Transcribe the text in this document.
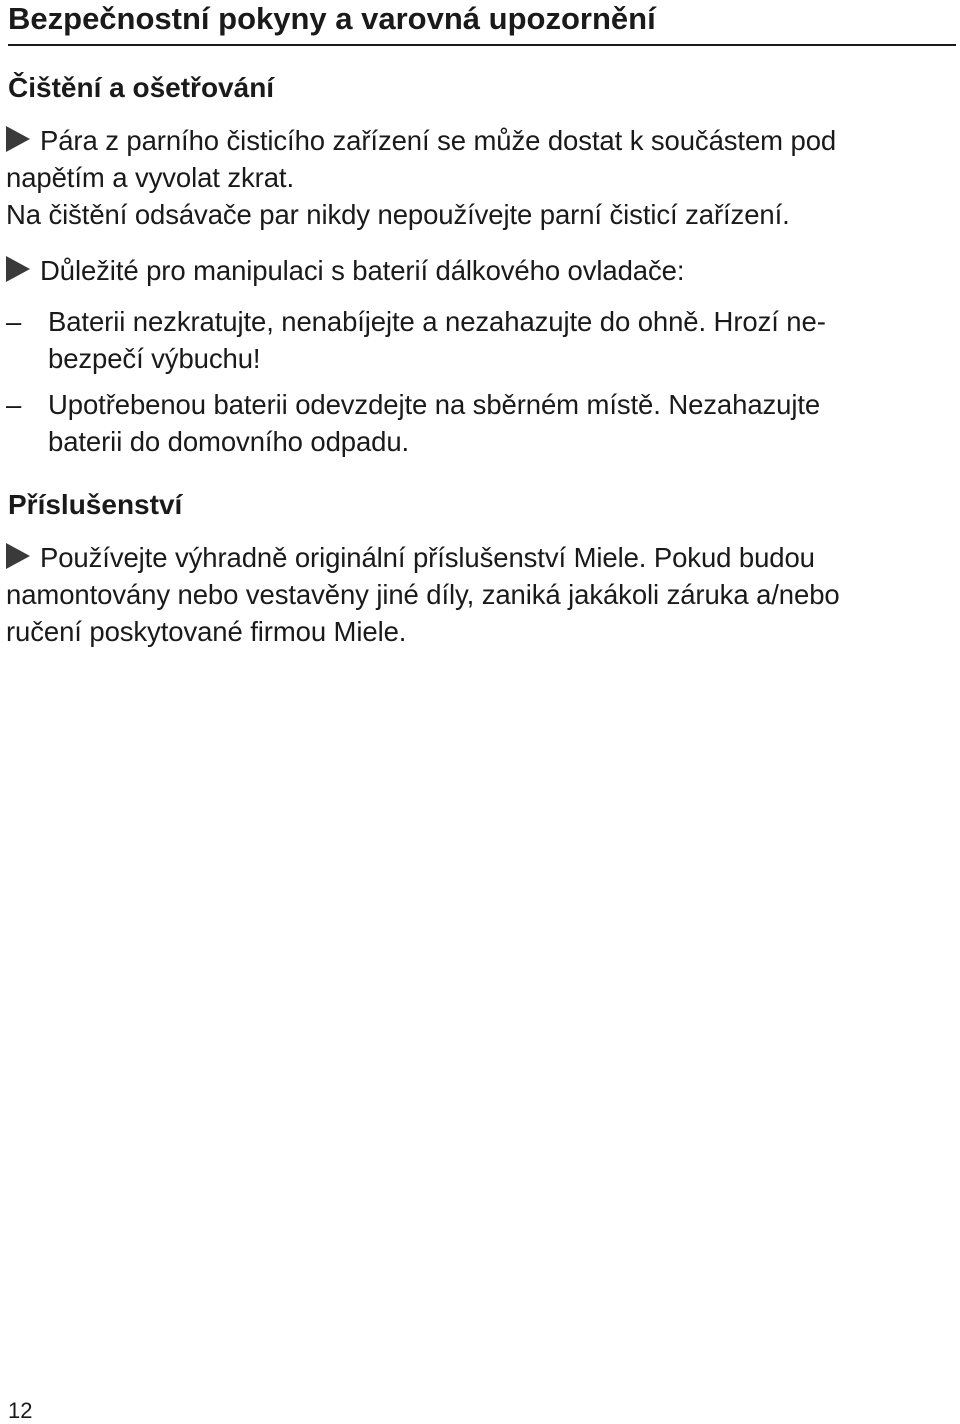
Bezpečnostní pokyny a varovná upozornění
Čištění a ošetřování
Pára z parního čisticího zařízení se může dostat k součástem pod
napětím a vyvolat zkrat.
Na čištění odsávače par nikdy nepoužívejte parní čisticí zařízení.
Důležité pro manipulaci s baterií dálkového ovladače:
– Baterii nezkratujte, nenabíjejte a nezahazujte do ohně. Hrozí ne-
bezpečí výbuchu!
– Upotřebenou baterii odevzdejte na sběrném místě. Nezahazujte
baterii do domovního odpadu.
Příslušenství
Používejte výhradně originální příslušenství Miele. Pokud budou
namontovány nebo vestavěny jiné díly, zaniká jakákoli záruka a/nebo
ručení poskytované firmou Miele.
12
